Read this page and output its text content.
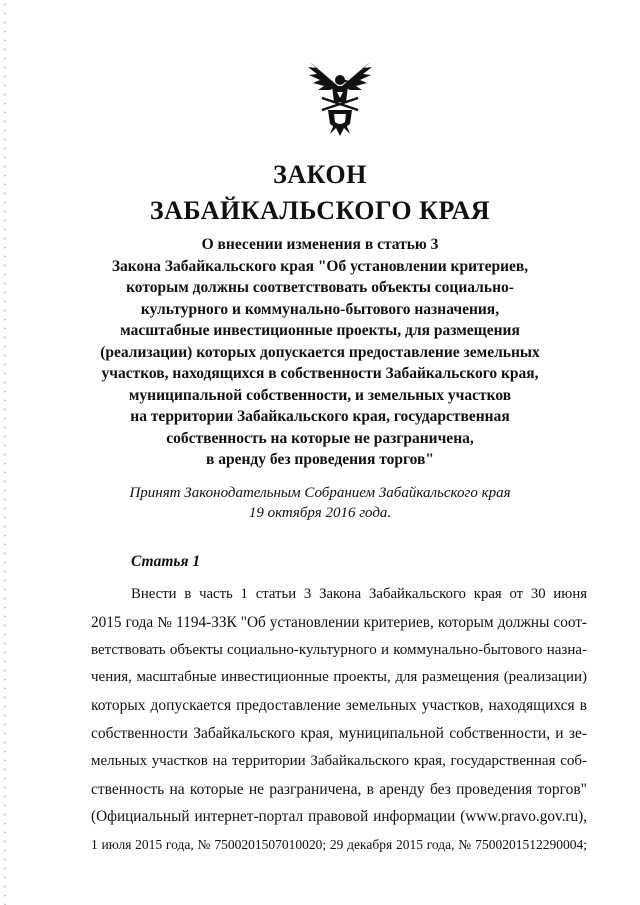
ЗАКОН
ЗАБАЙКАЛЬСКОГО КРАЯ
О внесении изменения в статью 3
Закона Забайкальского края "Об установлении критериев,
которым должны соответствовать объекты социально-
культурного и коммунально-бытового назначения,
масштабные инвестиционные проекты, для размещения
(реализации) которых допускается предоставление земельных
участков, находящихся в собственности Забайкальского края,
муниципальной собственности, и земельных участков
на территории Забайкальского края, государственная
собственность на которые не разграничена,
в аренду без проведения торгов"
Принят Законодательным Собранием Забайкальского края
19 октября 2016 года.
Статья 1
Внести в часть 1 статьи 3 Закона Забайкальского края от 30 июня
2015 года № 1194-ЗЗК "Об установлении критериев, которым должны соот-
ветствовать объекты социально-культурного и коммунально-бытового назна-
чения, масштабные инвестиционные проекты, для размещения (реализации)
которых допускается предоставление земельных участков, находящихся в
собственности Забайкальского края, муниципальной собственности, и зе-
мельных участков на территории Забайкальского края, государственная соб-
ственность на которые не разграничена, в аренду без проведения торгов"
(Официальный интернет-портал правовой информации (www.pravo.gov.ru),
1 июля 2015 года, № 7500201507010020; 29 декабря 2015 года, № 7500201512290004;
